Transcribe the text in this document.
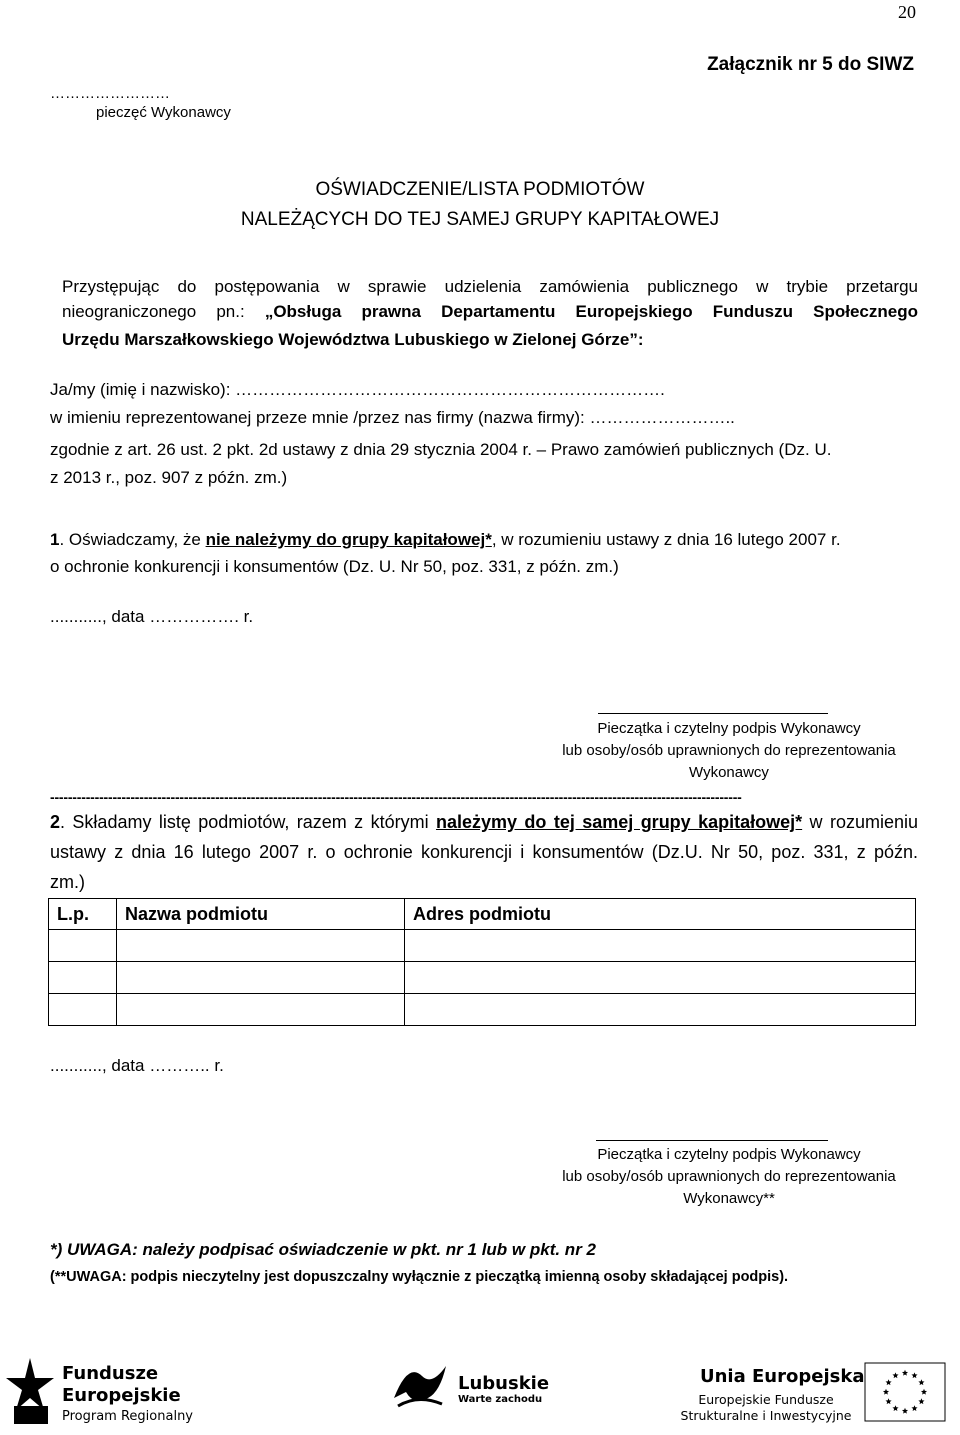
20
Załącznik nr 5 do SIWZ
……………………
pieczęć Wykonawcy
OŚWIADCZENIE/LISTA PODMIOTÓW
NALEŻĄCYCH DO TEJ SAMEJ GRUPY KAPITAŁOWEJ
Przystępując do postępowania w sprawie udzielenia zamówienia publicznego w trybie przetargu
nieograniczonego pn.: „Obsługa prawna Departamentu Europejskiego Funduszu Społecznego
Urzędu Marszałkowskiego Województwa Lubuskiego w Zielonej Górze”:
Ja/my (imię i nazwisko): ………………………………………………………………….
w imieniu reprezentowanej przeze mnie /przez nas firmy (nazwa firmy): ……………………..
zgodnie z art. 26 ust. 2 pkt. 2d ustawy z dnia 29 stycznia 2004 r. – Prawo zamówień publicznych (Dz. U.
z 2013 r., poz. 907 z późn. zm.)
1. Oświadczamy, że nie należymy do grupy kapitałowej*, w rozumieniu ustawy z dnia 16 lutego 2007 r.
o ochronie konkurencji i konsumentów (Dz. U. Nr 50, poz. 331, z późn. zm.)
..........., data ……………. r.
Pieczątka i czytelny podpis Wykonawcy
lub osoby/osób uprawnionych do reprezentowania
Wykonawcy
-----------------------------------------------------------------------------------------------------------------------------------------------------------
2. Składamy listę podmiotów, razem z którymi należymy do tej samej grupy kapitałowej* w rozumieniu
ustawy z dnia 16 lutego 2007 r. o ochronie konkurencji i konsumentów (Dz.U. Nr 50, poz. 331, z późn.
zm.)
L.p.	Nazwa podmiotu	Adres podmiotu

..........., data ……….. r.
Pieczątka i czytelny podpis Wykonawcy
lub osoby/osób uprawnionych do reprezentowania
Wykonawcy**
*) UWAGA: należy podpisać oświadczenie w pkt. nr 1 lub w pkt. nr 2
(**UWAGA: podpis nieczytelny jest dopuszczalny wyłącznie z pieczątką imienną osoby składającej podpis).
Fundusze
Europejskie
Program Regionalny
Lubuskie
Warte zachodu
Unia Europejska
Europejskie Fundusze
Strukturalne i Inwestycyjne
